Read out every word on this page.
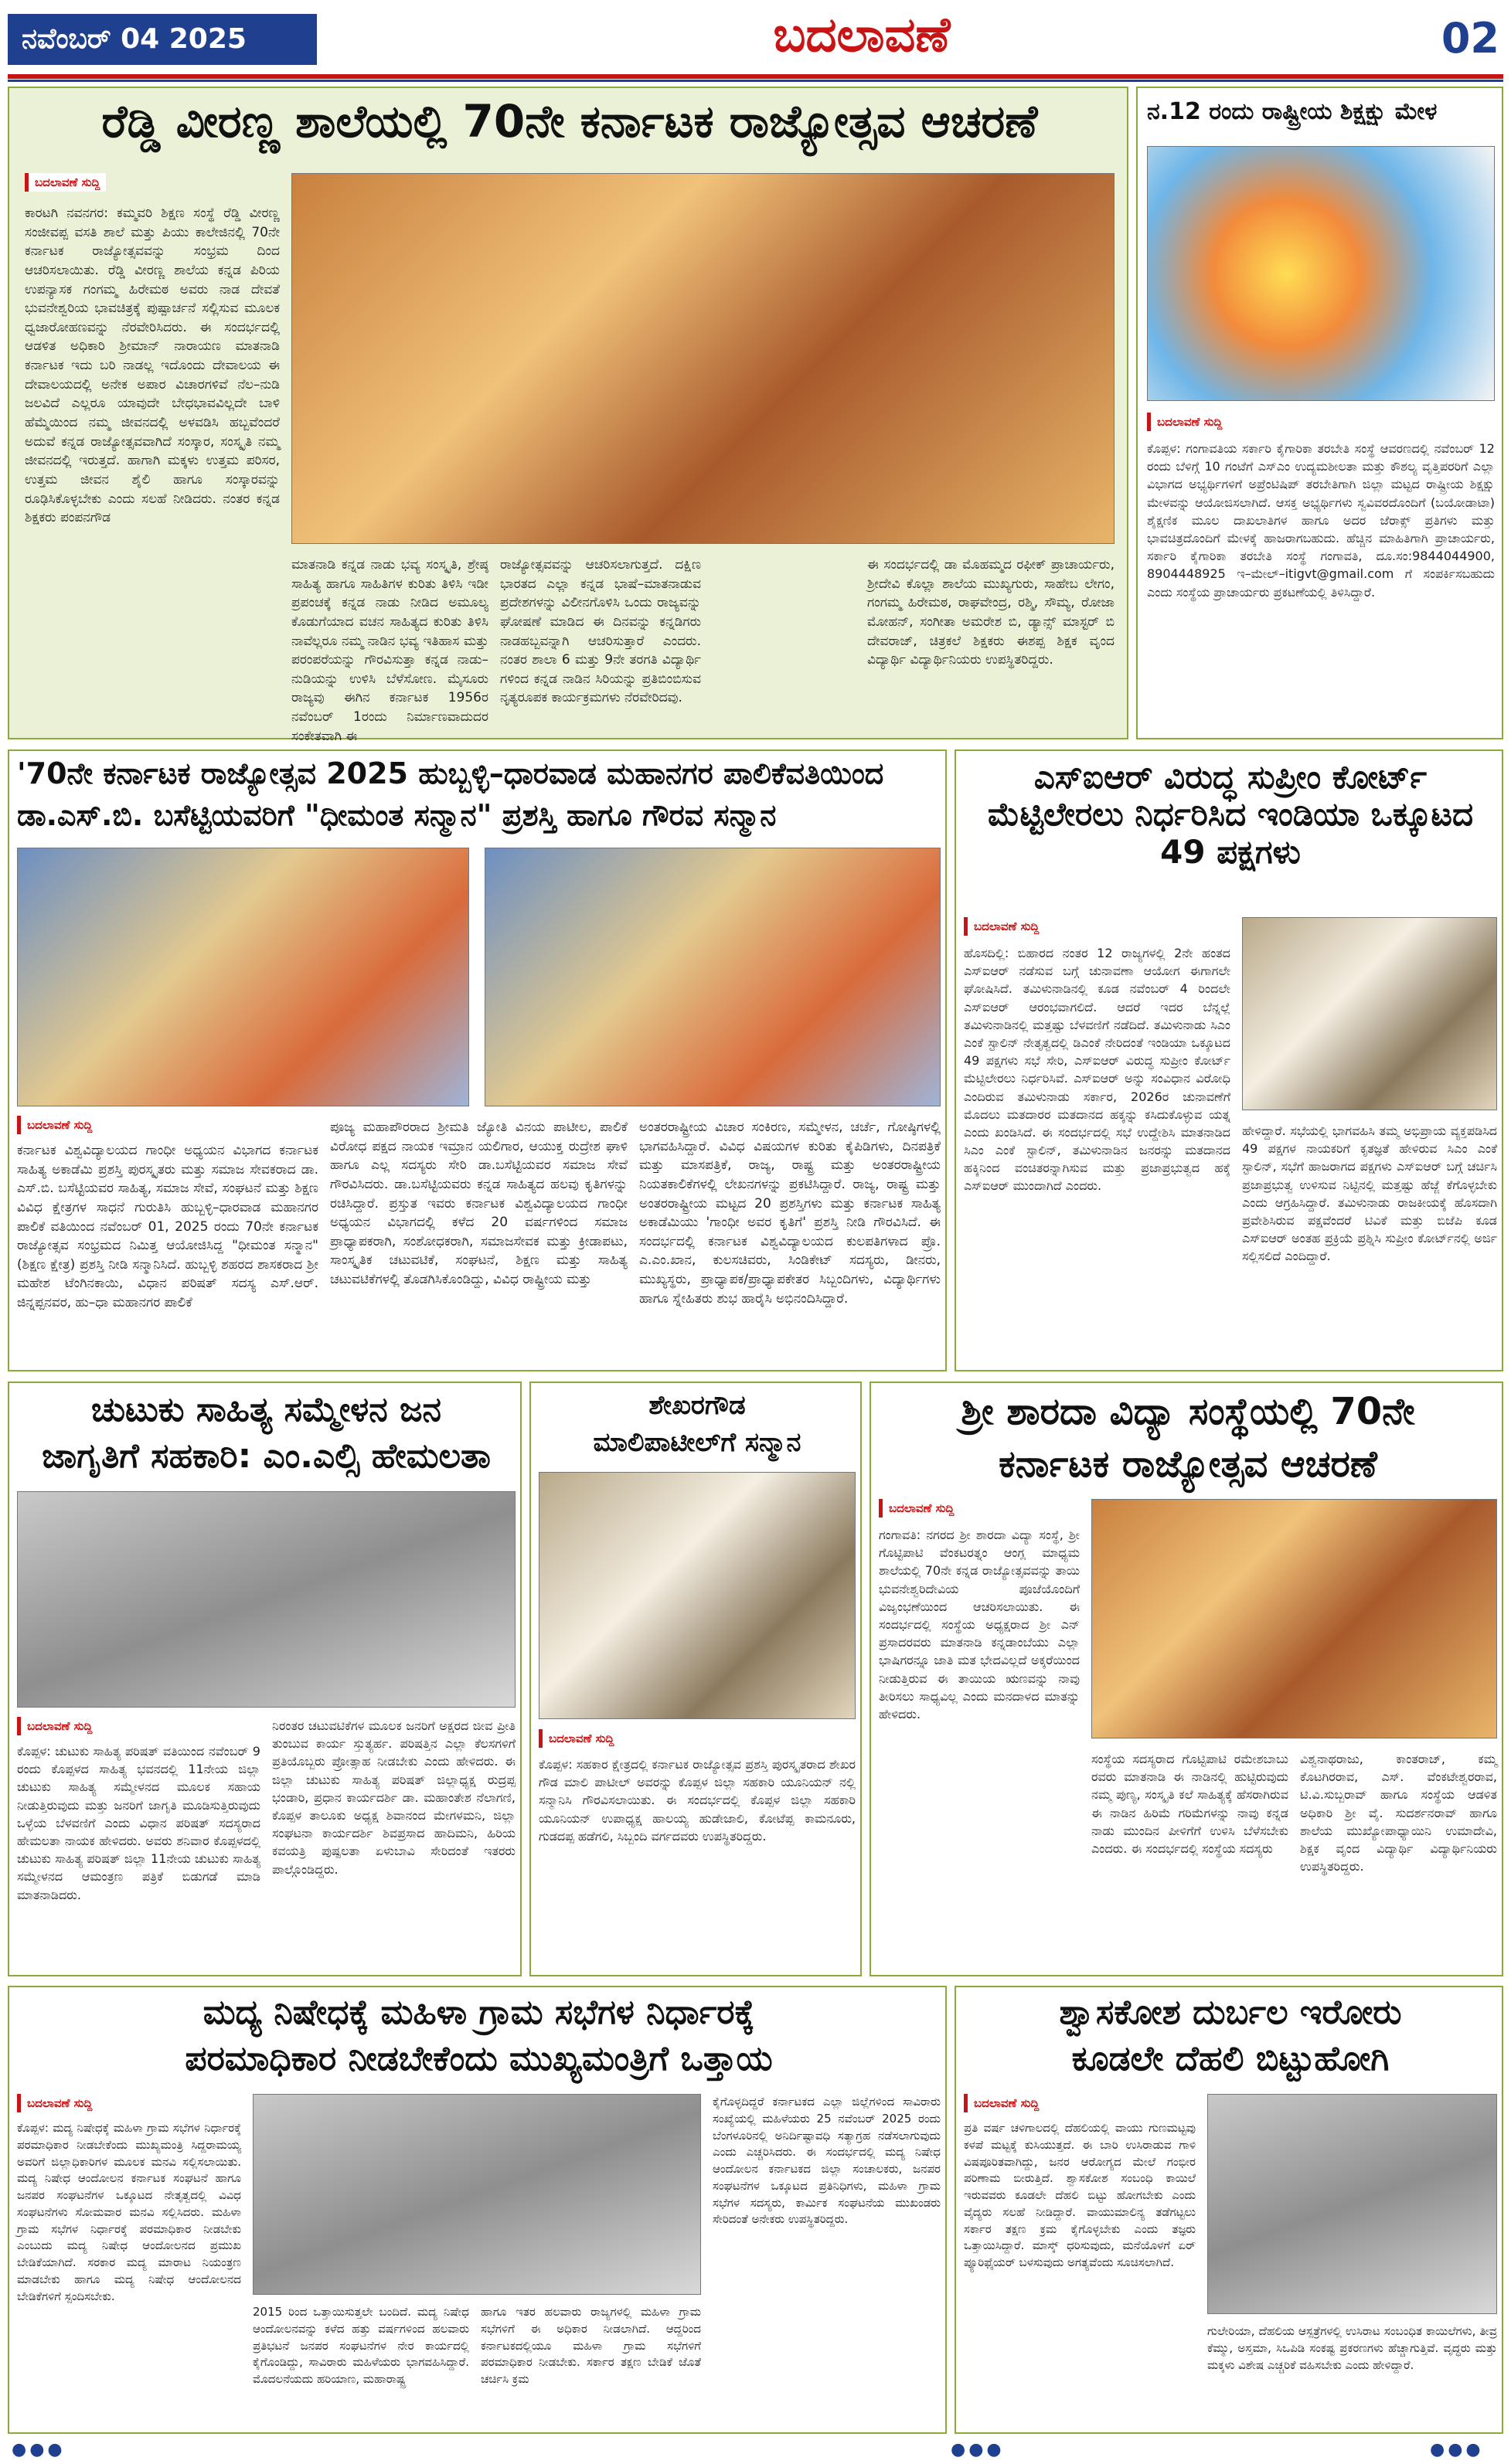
ನವೆಂಬರ್ 04 2025	ಬದಲಾವಣೆ	02
ರೆಡ್ಡಿ ವೀರಣ್ಣ ಶಾಲೆಯಲ್ಲಿ 70ನೇ ಕರ್ನಾಟಕ ರಾಜ್ಯೋತ್ಸವ ಆಚರಣೆ
ಬದಲಾವಣೆ ಸುದ್ದಿ
ಕಾರಟಗಿ ನವನಗರ: ಕಮ್ಮವರಿ ಶಿಕ್ಷಣ ಸಂಸ್ಥೆ ರೆಡ್ಡಿ ವೀರಣ್ಣ ಸಂಜೀವಪ್ಪ ವಸತಿ ಶಾಲೆ ಮತ್ತು ಪಿಯು ಕಾಲೇಜಿನಲ್ಲಿ 70ನೇ ಕರ್ನಾಟಕ ರಾಜ್ಯೋತ್ಸವವನ್ನು ಸಂಭ್ರಮ ದಿಂದ ಆಚರಿಸಲಾಯಿತು. ರೆಡ್ಡಿ ವೀರಣ್ಣ ಶಾಲೆಯ ಕನ್ನಡ ಪಿರಿಯ ಉಪನ್ಯಾಸಕ ಗಂಗಮ್ಮ ಹಿರೇಮಠ ಅವರು ನಾಡ ದೇವತೆ ಭುವನೇಶ್ವರಿಯ ಭಾವಚಿತ್ರಕ್ಕೆ ಪುಷ್ಪಾರ್ಚನೆ ಸಲ್ಲಿಸುವ ಮೂಲಕ ಧ್ವಜಾರೋಹಣವನ್ನು ನೆರವೇರಿಸಿದರು. ಈ ಸಂದರ್ಭದಲ್ಲಿ ಆಡಳಿತ ಅಧಿಕಾರಿ ಶ್ರೀಮಾನ್ ನಾರಾಯಣ ಮಾತನಾಡಿ ಕರ್ನಾಟಕ ಇದು ಬರಿ ನಾಡಲ್ಲ ಇದೊಂದು ದೇವಾಲಯ ಈ ದೇವಾಲಯದಲ್ಲಿ ಅನೇಕ ಅಪಾರ ವಿಚಾರಗಳಿವೆ ನೆಲ–ನುಡಿ ಜಲವಿದೆ ಎಲ್ಲರೂ ಯಾವುದೇ ಬೇಧಭಾವವಿಲ್ಲದೇ ಬಾಳಿ ಹೆಮ್ಮೆಯಿಂದ ನಮ್ಮ ಜೀವನದಲ್ಲಿ ಅಳವಡಿಸಿ ಹಬ್ಬವೆಂದರೆ ಅದುವೆ ಕನ್ನಡ ರಾಜ್ಯೋತ್ಸವವಾಗಿದೆ ಸಂಸ್ಕಾರ, ಸಂಸ್ಕೃತಿ ನಮ್ಮ ಜೀವನದಲ್ಲಿ ಇರುತ್ತದೆ. ಹಾಗಾಗಿ ಮಕ್ಕಳು ಉತ್ತಮ ಪರಿಸರ, ಉತ್ತಮ ಜೀವನ ಶೈಲಿ ಹಾಗೂ ಸಂಸ್ಕಾರವನ್ನು ರೂಢಿಸಿಕೊಳ್ಳಬೇಕು ಎಂದು ಸಲಹೆ ನೀಡಿದರು. ನಂತರ ಕನ್ನಡ ಶಿಕ್ಷಕರು ಪಂಪನಗೌಡ
ಮಾತನಾಡಿ ಕನ್ನಡ ನಾಡು ಭವ್ಯ ಸಂಸ್ಕೃತಿ, ಶ್ರೇಷ್ಠ ಸಾಹಿತ್ಯ ಹಾಗೂ ಸಾಹಿತಿಗಳ ಕುರಿತು ತಿಳಿಸಿ ಇಡೀ ಪ್ರಪಂಚಕ್ಕೆ ಕನ್ನಡ ನಾಡು ನೀಡಿದ ಅಮೂಲ್ಯ ಕೊಡುಗೆಯಾದ ವಚನ ಸಾಹಿತ್ಯದ ಕುರಿತು ತಿಳಿಸಿ ನಾವೆಲ್ಲರೂ ನಮ್ಮ ನಾಡಿನ ಭವ್ಯ ಇತಿಹಾಸ ಮತ್ತು ಪರಂಪರೆಯನ್ನು ಗೌರವಿಸುತ್ತಾ ಕನ್ನಡ ನಾಡು–ನುಡಿಯನ್ನು ಉಳಿಸಿ ಬೆಳೆಸೋಣ. ಮೈಸೂರು ರಾಜ್ಯವು ಈಗಿನ ಕರ್ನಾಟಕ 1956ರ ನವೆಂಬರ್ 1ರಂದು ನಿರ್ಮಾಣವಾದುದರ ಸಂಕೇತವಾಗಿ ಈ
ರಾಜ್ಯೋತ್ಸವವನ್ನು ಆಚರಿಸಲಾಗುತ್ತದೆ. ದಕ್ಷಿಣ ಭಾರತದ ಎಲ್ಲಾ ಕನ್ನಡ ಭಾಷೆ–ಮಾತನಾಡುವ ಪ್ರದೇಶಗಳನ್ನು ವಿಲೀನಗೊಳಿಸಿ ಒಂದು ರಾಜ್ಯವನ್ನು ಘೋಷಣೆ ಮಾಡಿದ ಈ ದಿನವನ್ನು ಕನ್ನಡಿಗರು ನಾಡಹಬ್ಬವನ್ನಾಗಿ ಆಚರಿಸುತ್ತಾರೆ ಎಂದರು. ನಂತರ ಶಾಲಾ 6 ಮತ್ತು 9ನೇ ತರಗತಿ ವಿದ್ಯಾರ್ಥಿ ಗಳಿಂದ ಕನ್ನಡ ನಾಡಿನ ಸಿರಿಯನ್ನು ಪ್ರತಿಬಿಂಬಿಸುವ ನೃತ್ಯರೂಪಕ ಕಾರ್ಯಕ್ರಮಗಳು ನೆರವೇರಿದವು.
ಈ ಸಂದರ್ಭದಲ್ಲಿ ಡಾ ಮೊಹಮ್ಮದ ರಫೀಕ್ ಪ್ರಾಚಾರ್ಯರು, ಶ್ರೀದೇವಿ ಕೊಲ್ಲಾ ಶಾಲೆಯ ಮುಖ್ಯಗುರು, ಸಾಹೇಬ ಲೇಗಂ, ಗಂಗಮ್ಮ ಹಿರೇಮಠ, ರಾಘವೇಂದ್ರ, ರಶ್ಮಿ, ಸೌಮ್ಯ, ರೋಜಾ ಮೋಹನ್, ಸಂಗೀತಾ ಅಮರೇಶ ಬಿ, ಡ್ಯಾನ್ಸ್ ಮಾಸ್ಟರ್ ಬಿ ದೇವರಾಜ್, ಚಿತ್ರಕಲೆ ಶಿಕ್ಷಕರು ಈಶಪ್ಪ ಶಿಕ್ಷಕ ವೃಂದ ವಿದ್ಯಾರ್ಥಿ ವಿದ್ಯಾರ್ಥಿನಿಯರು ಉಪಸ್ಥಿತರಿದ್ದರು.
ನ.12 ರಂದು ರಾಷ್ಟ್ರೀಯ ಶಿಕ್ಷಕ್ಷು ಮೇಳ
ಬದಲಾವಣೆ ಸುದ್ದಿ
ಕೊಪ್ಪಳ: ಗಂಗಾವತಿಯ ಸರ್ಕಾರಿ ಕೈಗಾರಿಕಾ ತರಬೇತಿ ಸಂಸ್ಥೆ ಆವರಣದಲ್ಲಿ ನವೆಂಬರ್ 12 ರಂದು ಬೆಳಿಗ್ಗೆ 10 ಗಂಟೆಗೆ ಎಸ್‌ಎಂ ಉದ್ಯಮಶೀಲತಾ ಮತ್ತು ಕೌಶಲ್ಯ ವೃತ್ತಿಪರರಿಗೆ ಎಲ್ಲಾ ವಿಭಾಗದ ಅಭ್ಯರ್ಥಿಗಳಿಗೆ ಅಪ್ರೆಂಟಿಷಿಪ್ ತರಬೇತಿಗಾಗಿ ಜಿಲ್ಲಾ ಮಟ್ಟದ ರಾಷ್ಟ್ರೀಯ ಶಿಕ್ಷಕ್ಷು ಮೇಳವನ್ನು ಆಯೋಜಿಸಲಾಗಿದೆ. ಆಸಕ್ತ ಅಭ್ಯರ್ಥಿಗಳು ಸ್ವವಿವರದೊಂದಿಗೆ (ಬಯೋಡಾಟಾ) ಶೈಕ್ಷಣಿಕ ಮೂಲ ದಾಖಲಾತಿಗಳ ಹಾಗೂ ಅದರ ಜೆರಾಕ್ಸ್ ಪ್ರತಿಗಳು ಮತ್ತು ಭಾವಚಿತ್ರದೊಂದಿಗೆ ಮೇಳಕ್ಕೆ ಹಾಜರಾಗಬಹುದು. ಹೆಚ್ಚಿನ ಮಾಹಿತಿಗಾಗಿ ಪ್ರಾಚಾರ್ಯರು, ಸರ್ಕಾರಿ ಕೈಗಾರಿಕಾ ತರಬೇತಿ ಸಂಸ್ಥೆ ಗಂಗಾವತಿ, ದೂ.ಸಂ:9844044900, 8904448925 ಇ–ಮೇಲ್–itigvt@gmail.com ಗೆ ಸಂಪರ್ಕಿಸಬಹುದು ಎಂದು ಸಂಸ್ಥೆಯ ಪ್ರಾಚಾರ್ಯರು ಪ್ರಕಟಣೆಯಲ್ಲಿ ತಿಳಿಸಿದ್ದಾರೆ.
'70ನೇ ಕರ್ನಾಟಕ ರಾಜ್ಯೋತ್ಸವ 2025 ಹುಬ್ಬಳ್ಳಿ–ಧಾರವಾಡ ಮಹಾನಗರ ಪಾಲಿಕೆವತಿಯಿಂದ
ಡಾ.ಎಸ್.ಬಿ. ಬಸೆಟ್ಟಿಯವರಿಗೆ "ಧೀಮಂತ ಸನ್ಮಾನ" ಪ್ರಶಸ್ತಿ ಹಾಗೂ ಗೌರವ ಸನ್ಮಾನ
ಬದಲಾವಣೆ ಸುದ್ದಿ
ಕರ್ನಾಟಕ ವಿಶ್ವವಿದ್ಯಾಲಯದ ಗಾಂಧೀ ಅಧ್ಯಯನ ವಿಭಾಗದ ಕರ್ನಾಟಕ ಸಾಹಿತ್ಯ ಅಕಾಡೆಮಿ ಪ್ರಶಸ್ತಿ ಪುರಸ್ಕೃತರು ಮತ್ತು ಸಮಾಜ ಸೇವಕರಾದ ಡಾ. ಎಸ್.ಬಿ. ಬಸೆಟ್ಟಿಯವರ ಸಾಹಿತ್ಯ, ಸಮಾಜ ಸೇವೆ, ಸಂಘಟನೆ ಮತ್ತು ಶಿಕ್ಷಣ ವಿವಿಧ ಕ್ಷೇತ್ರಗಳ ಸಾಧನೆ ಗುರುತಿಸಿ ಹುಬ್ಬಳ್ಳಿ–ಧಾರವಾಡ ಮಹಾನಗರ ಪಾಲಿಕೆ ವತಿಯಿಂದ ನವೆಂಬರ್ 01, 2025 ರಂದು 70ನೇ ಕರ್ನಾಟಕ ರಾಜ್ಯೋತ್ಸವ ಸಂಭ್ರಮದ ನಿಮಿತ್ತ ಆಯೋಜಿಸಿದ್ದ "ಧೀಮಂತ ಸನ್ಮಾನ"(ಶಿಕ್ಷಣ ಕ್ಷೇತ್ರ) ಪ್ರಶಸ್ತಿ ನೀಡಿ ಸನ್ಮಾನಿಸಿದೆ. ಹುಬ್ಬಳ್ಳಿ ಶಹರದ ಶಾಸಕರಾದ ಶ್ರೀ ಮಹೇಶ ಟೆಂಗಿನಕಾಯಿ, ವಿಧಾನ ಪರಿಷತ್ ಸದಸ್ಯ ಎಸ್.ಆರ್. ಜಿನ್ನಪ್ಪನವರ, ಹು–ಧಾ ಮಹಾನಗರ ಪಾಲಿಕೆ
ಪೂಜ್ಯ ಮಹಾಪೌರರಾದ ಶ್ರೀಮತಿ ಜ್ಯೋತಿ ವಿನಯ ಪಾಟೀಲ, ಪಾಲಿಕೆ ವಿರೋಧ ಪಕ್ಷದ ನಾಯಕ ಇಮ್ರಾನ ಯಲಿಗಾರ, ಆಯುಕ್ತ ರುದ್ರೇಶ ಘಾಳಿ ಹಾಗೂ ಎಲ್ಲ ಸದಸ್ಯರು ಸೇರಿ ಡಾ.ಬಸೆಟ್ಟಿಯವರ ಸಮಾಜ ಸೇವೆ ಗೌರವಿಸಿದರು. ಡಾ.ಬಸೆಟ್ಟಿಯವರು ಕನ್ನಡ ಸಾಹಿತ್ಯದ ಹಲವು ಕೃತಿಗಳನ್ನು ರಚಿಸಿದ್ದಾರೆ. ಪ್ರಸ್ತುತ ಇವರು ಕರ್ನಾಟಕ ವಿಶ್ವವಿದ್ಯಾಲಯದ ಗಾಂಧೀ ಅಧ್ಯಯನ ವಿಭಾಗದಲ್ಲಿ ಕಳೆದ 20 ವರ್ಷಗಳಿಂದ ಸಮಾಜ ಪ್ರಾಧ್ಯಾಪಕರಾಗಿ, ಸಂಶೋಧಕರಾಗಿ, ಸಮಾಜಸೇವಕ ಮತ್ತು ಕ್ರೀಡಾಪಟು, ಸಾಂಸ್ಕೃತಿಕ ಚಟುವಟಿಕೆ, ಸಂಘಟನೆ, ಶಿಕ್ಷಣ ಮತ್ತು ಸಾಹಿತ್ಯ ಚಟುವಟಿಕೆಗಳಲ್ಲಿ ತೊಡಗಿಸಿಕೊಂಡಿದ್ದು, ವಿವಿಧ ರಾಷ್ಟ್ರೀಯ ಮತ್ತು
ಅಂತರರಾಷ್ಟ್ರೀಯ ವಿಚಾರ ಸಂಕಿರಣ, ಸಮ್ಮೇಳನ, ಚರ್ಚೆ, ಗೋಷ್ಠಿಗಳಲ್ಲಿ ಭಾಗವಹಿಸಿದ್ದಾರೆ. ವಿವಿಧ ವಿಷಯಗಳ ಕುರಿತು ಕೈಪಿಡಿಗಳು, ದಿನಪತ್ರಿಕೆ ಮತ್ತು ಮಾಸಪತ್ರಿಕೆ, ರಾಜ್ಯ, ರಾಷ್ಟ್ರ ಮತ್ತು ಅಂತರರಾಷ್ಟ್ರೀಯ ನಿಯತಕಾಲಿಕೆಗಳಲ್ಲಿ ಲೇಖನಗಳನ್ನು ಪ್ರಕಟಿಸಿದ್ದಾರೆ. ರಾಜ್ಯ, ರಾಷ್ಟ್ರ ಮತ್ತು ಅಂತರರಾಷ್ಟ್ರೀಯ ಮಟ್ಟದ 20 ಪ್ರಶಸ್ತಿಗಳು ಮತ್ತು ಕರ್ನಾಟಕ ಸಾಹಿತ್ಯ ಅಕಾಡೆಮಿಯು 'ಗಾಂಧೀ ಅವರ ಕೃತಿಗೆ' ಪ್ರಶಸ್ತಿ ನೀಡಿ ಗೌರವಿಸಿದೆ. ಈ ಸಂದರ್ಭದಲ್ಲಿ ಕರ್ನಾಟಕ ವಿಶ್ವವಿದ್ಯಾಲಯದ ಕುಲಪತಿಗಳಾದ ಪ್ರೊ. ಎ.ಎಂ.ಖಾನ, ಕುಲಸಚಿವರು, ಸಿಂಡಿಕೇಟ್ ಸದಸ್ಯರು, ಡೀನರು, ಮುಖ್ಯಸ್ಥರು, ಪ್ರಾಧ್ಯಾಪಕ/ಪ್ರಾಧ್ಯಾಪಕೇತರ ಸಿಬ್ಬಂದಿಗಳು, ವಿದ್ಯಾರ್ಥಿಗಳು ಹಾಗೂ ಸ್ನೇಹಿತರು ಶುಭ ಹಾರೈಸಿ ಅಭಿನಂದಿಸಿದ್ದಾರೆ.
ಎಸ್‌ಐಆರ್ ವಿರುದ್ಧ ಸುಪ್ರೀಂ ಕೋರ್ಟ್ ಮೆಟ್ಟಿಲೇರಲು ನಿರ್ಧರಿಸಿದ ಇಂಡಿಯಾ ಒಕ್ಕೂಟದ 49 ಪಕ್ಷಗಳು
ಬದಲಾವಣೆ ಸುದ್ದಿ
ಹೊಸದಿಲ್ಲಿ: ಬಿಹಾರದ ನಂತರ 12 ರಾಜ್ಯಗಳಲ್ಲಿ 2ನೇ ಹಂತದ ಎಸ್‌ಐಆರ್ ನಡೆಸುವ ಬಗ್ಗೆ ಚುನಾವಣಾ ಆಯೋಗ ಈಗಾಗಲೇ ಘೋಷಿಸಿದೆ. ತಮಿಳುನಾಡಿನಲ್ಲಿ ಕೂಡ ನವೆಂಬರ್ 4 ರಿಂದಲೇ ಎಸ್‌ಐಆರ್ ಆರಂಭವಾಗಲಿದೆ. ಆದರೆ ಇದರ ಬೆನ್ನಲ್ಲೆ ತಮಿಳುನಾಡಿನಲ್ಲಿ ಮತ್ತಷ್ಟು ಬೆಳವಣಿಗೆ ನಡೆದಿದೆ. ತಮಿಳುನಾಡು ಸಿಎಂ ಎಂಕೆ ಸ್ಟಾಲಿನ್ ನೇತೃತ್ವದಲ್ಲಿ ಡಿಎಂಕೆ ನೇರಿದಂತೆ ಇಂಡಿಯಾ ಒಕ್ಕೂಟದ 49 ಪಕ್ಷಗಳು ಸಭೆ ಸೇರಿ, ಎಸ್‌ಐಆರ್ ವಿರುದ್ಧ ಸುಪ್ರೀಂ ಕೋರ್ಟ್ ಮೆಟ್ಟಿಲೇರಲು ನಿರ್ಧರಿಸಿವೆ. ಎಸ್‌ಐಆರ್ ಅನ್ನು ಸಂವಿಧಾನ ವಿರೋಧಿ ಎಂದಿರುವ ತಮಿಳುನಾಡು ಸರ್ಕಾರ, 2026ರ ಚುನಾವಣೆಗೆ ಮೊದಲು ಮತದಾರರ ಮತದಾನದ ಹಕ್ಕನ್ನು ಕಸಿದುಕೊಳ್ಳುವ ಯತ್ನ ಎಂದು ಖಂಡಿಸಿದೆ. ಈ ಸಂದರ್ಭದಲ್ಲಿ ಸಭೆ ಉದ್ದೇಶಿಸಿ ಮಾತನಾಡಿದ ಸಿಎಂ ಎಂಕೆ ಸ್ಟಾಲಿನ್, ತಮಿಳುನಾಡಿನ ಜನರನ್ನು ಮತದಾನದ ಹಕ್ಕಿನಿಂದ ವಂಚಿತರನ್ನಾಗಿಸುವ ಮತ್ತು ಪ್ರಜಾಪ್ರಭುತ್ವದ ಹಕ್ಕೆ ಎಸ್‌ಐಆರ್ ಮುಂದಾಗಿದೆ ಎಂದರು.
ಹೇಳಿದ್ದಾರೆ. ಸಭೆಯಲ್ಲಿ ಭಾಗವಹಿಸಿ ತಮ್ಮ ಅಭಿಪ್ರಾಯ ವ್ಯಕ್ತಪಡಿಸಿದ 49 ಪಕ್ಷಗಳ ನಾಯಕರಿಗೆ ಕೃತಜ್ಞತೆ ಹೇಳಿರುವ ಸಿಎಂ ಎಂಕೆ ಸ್ಟಾಲಿನ್, ಸಭೆಗೆ ಹಾಜರಾಗದ ಪಕ್ಷಗಳು ಎಸ್‌ಐಆರ್ ಬಗ್ಗೆ ಚರ್ಚಿಸಿ ಪ್ರಜಾಪ್ರಭುತ್ವ ಉಳಿಸುವ ನಿಟ್ಟಿನಲ್ಲಿ ಮತ್ತಷ್ಟು ಹೆಜ್ಜೆ ಕೆಗೊಳ್ಳಬೇಕು ಎಂದು ಆಗ್ರಹಿಸಿದ್ದಾರೆ. ತಮಿಳುನಾಡು ರಾಜಕೀಯಕ್ಕೆ ಹೊಸದಾಗಿ ಪ್ರವೇಶಿಸಿರುವ ಪಕ್ಷವೆಂದರೆ ಟಿವಿಕೆ ಮತ್ತು ಬಿಜೆಪಿ ಕೂಡ ಎಸ್‌ಐಆರ್ ಅಂತಹ ಪ್ರಕ್ರಿಯೆ ಪ್ರಶ್ನಿಸಿ ಸುಪ್ರೀಂ ಕೋರ್ಟ್‌ನಲ್ಲಿ ಅರ್ಜಿ ಸಲ್ಲಿಸಲಿದೆ ಎಂದಿದ್ದಾರೆ.
ಚುಟುಕು ಸಾಹಿತ್ಯ ಸಮ್ಮೇಳನ ಜನ
ಜಾಗೃತಿಗೆ ಸಹಕಾರಿ: ಎಂ.ಎಲ್ಸಿ ಹೇಮಲತಾ
ಬದಲಾವಣೆ ಸುದ್ದಿ
ಕೊಪ್ಪಳ: ಚುಟುಕು ಸಾಹಿತ್ಯ ಪರಿಷತ್ ವತಿಯಿಂದ ನವೆಂಬರ್ 9 ರಂದು ಕೊಪ್ಪಳದ ಸಾಹಿತ್ಯ ಭವನದಲ್ಲಿ 11ನೇಯ ಜಿಲ್ಲಾ ಚುಟುಕು ಸಾಹಿತ್ಯ ಸಮ್ಮೇಳನದ ಮೂಲಕ ಸಹಾಯ ನೀಡುತ್ತಿರುವುದು ಮತ್ತು ಜನರಿಗೆ ಜಾಗೃತಿ ಮೂಡಿಸುತ್ತಿರುವುದು ಒಳ್ಳೆಯ ಬೆಳವಣಿಗೆ ಎಂದು ವಿಧಾನ ಪರಿಷತ್ ಸದಸ್ಯರಾದ ಹೇಮಲತಾ ನಾಯಕ ಹೇಳಿದರು. ಅವರು ಶನಿವಾರ ಕೊಪ್ಪಳದಲ್ಲಿ ಚುಟುಕು ಸಾಹಿತ್ಯ ಪರಿಷತ್ ಜಿಲ್ಲಾ 11ನೇಯ ಚುಟುಕು ಸಾಹಿತ್ಯ ಸಮ್ಮೇಳನದ ಆಮಂತ್ರಣ ಪತ್ರಿಕೆ ಬಿಡುಗಡೆ ಮಾಡಿ ಮಾತನಾಡಿದರು.
ನಿರಂತರ ಚಟುವಟಿಕೆಗಳ ಮೂಲಕ ಜನರಿಗೆ ಅಕ್ಷರದ ಜೀವ ಪ್ರೀತಿ ತುಂಬುವ ಕಾರ್ಯ ಸ್ತುತ್ಯರ್ಹ. ಪರಿಷತ್ತಿನ ಎಲ್ಲಾ ಕೆಲಸಗಳಿಗೆ ಪ್ರತಿಯೊಬ್ಬರು ಪ್ರೋತ್ಸಾಹ ನೀಡಬೇಕು ಎಂದು ಹೇಳಿದರು. ಈ ಜಿಲ್ಲಾ ಚುಟುಕು ಸಾಹಿತ್ಯ ಪರಿಷತ್ ಜಿಲ್ಲಾಧ್ಯಕ್ಷ ರುದ್ರಪ್ಪ ಭಂಡಾರಿ, ಪ್ರಧಾನ ಕಾರ್ಯದರ್ಶಿ ಡಾ. ಮಹಾಂತೇಶ ನೆಲಾಗಣಿ, ಕೊಪ್ಪಳ ತಾಲೂಕು ಅಧ್ಯಕ್ಷ ಶಿವಾನಂದ ಮೇಗಳಮನಿ, ಜಿಲ್ಲಾ ಸಂಘಟನಾ ಕಾರ್ಯದರ್ಶಿ ಶಿವಪ್ರಸಾದ ಹಾದಿಮನಿ, ಹಿರಿಯ ಕವಯತ್ರಿ ಪುಷ್ಪಲತಾ ಏಳುಬಾವಿ ಸೇರಿದಂತೆ ಇತರರು ಪಾಲ್ಗೊಂಡಿದ್ದರು.
ಶೇಖರಗೌಡ
ಮಾಲಿಪಾಟೀಲ್‌ಗೆ ಸನ್ಮಾನ
ಬದಲಾವಣೆ ಸುದ್ದಿ
ಕೊಪ್ಪಳ: ಸಹಕಾರ ಕ್ಷೇತ್ರದಲ್ಲಿ ಕರ್ನಾಟಕ ರಾಜ್ಯೋತ್ಸವ ಪ್ರಶಸ್ತಿ ಪುರಸ್ಕೃತರಾದ ಶೇಖರ ಗೌಡ ಮಾಲಿ ಪಾಟೀಲ್ ಅವರನ್ನು ಕೊಪ್ಪಳ ಜಿಲ್ಲಾ ಸಹಕಾರಿ ಯೂನಿಯನ್ ನಲ್ಲಿ ಸನ್ಮಾನಿಸಿ ಗೌರವಿಸಲಾಯಿತು. ಈ ಸಂದರ್ಭದಲ್ಲಿ ಕೊಪ್ಪಳ ಜಿಲ್ಲಾ ಸಹಕಾರಿ ಯೂನಿಯನ್ ಉಪಾಧ್ಯಕ್ಷ ಹಾಲಯ್ಯ ಹುಡೇಜಾಲಿ, ಕೋಟೆಪ್ಪ ಕಾಮನೂರು, ಗುಡದಪ್ಪ ಹಡೆಗಲಿ, ಸಿಬ್ಬಂದಿ ವರ್ಗದವರು ಉಪಸ್ಥಿತರಿದ್ದರು.
ಶ್ರೀ ಶಾರದಾ ವಿದ್ಯಾ ಸಂಸ್ಥೆಯಲ್ಲಿ 70ನೇ
ಕರ್ನಾಟಕ ರಾಜ್ಯೋತ್ಸವ ಆಚರಣೆ
ಬದಲಾವಣೆ ಸುದ್ದಿ
ಗಂಗಾವತಿ: ನಗರದ ಶ್ರೀ ಶಾರದಾ ವಿದ್ಯಾ ಸಂಸ್ಥೆ, ಶ್ರೀ ಗೊಟ್ಟಿಪಾಟಿ ವೆಂಕಟರತ್ನಂ ಆಂಗ್ಲ ಮಾಧ್ಯಮ ಶಾಲೆಯಲ್ಲಿ 70ನೇ ಕನ್ನಡ ರಾಜ್ಯೋತ್ಸವವನ್ನು ತಾಯಿ ಭುವನೇಶ್ವರಿದೇವಿಯ ಪೂಜೆಯೊಂದಿಗೆ ವಿಜೃಂಭಣೆಯಿಂದ ಆಚರಿಸಲಾಯಿತು. ಈ ಸಂದರ್ಭದಲ್ಲಿ ಸಂಸ್ಥೆಯ ಅಧ್ಯಕ್ಷರಾದ ಶ್ರೀ ಎನ್ ಪ್ರಸಾದರವರು ಮಾತನಾಡಿ ಕನ್ನಡಾಂಬೆಯು ಎಲ್ಲಾ ಭಾಷಿಗರನ್ನೂ ಜಾತಿ ಮತ ಭೇದವಿಲ್ಲದೆ ಅಕ್ಕರೆಯಿಂದ ನೀಡುತ್ತಿರುವ ಈ ತಾಯಿಯ ಋಣವನ್ನು ನಾವು ತೀರಿಸಲು ಸಾಧ್ಯವಿಲ್ಲ ಎಂದು ಮನದಾಳದ ಮಾತನ್ನು ಹೇಳಿದರು.
ಸಂಸ್ಥೆಯ ಸದಸ್ಯರಾದ ಗೊಟ್ಟಿಪಾಟಿ ರಮೇಶಬಾಬು ರವರು ಮಾತನಾಡಿ ಈ ನಾಡಿನಲ್ಲಿ ಹುಟ್ಟಿರುವುದು ನಮ್ಮ ಪುಣ್ಯ, ಸಂಸ್ಕೃತಿ ಕಲೆ ಸಾಹಿತ್ಯಕ್ಕೆ ಹೆಸರಾಗಿರುವ ಈ ನಾಡಿನ ಹಿರಿಮೆ ಗರಿಮೆಗಳನ್ನು ನಾವು ಕನ್ನಡ ನಾಡು ಮುಂದಿನ ಪೀಳಿಗೆಗೆ ಉಳಿಸಿ ಬೆಳೆಸಬೇಕು ಎಂದರು. ಈ ಸಂದರ್ಭದಲ್ಲಿ ಸಂಸ್ಥೆಯ ಸದಸ್ಯರು
ವಿಶ್ವನಾಥರಾಜು, ಕಾಂತರಾಜ್, ಕಮ್ಮ ಕೊಟಗಿರರಾವ, ಎಸ್. ವೆಂಕಟೇಶ್ವರರಾವ, ಟಿ.ವಿ.ಸುಬ್ಬರಾವ್ ಹಾಗೂ ಸಂಸ್ಥೆಯ ಆಡಳಿತ ಅಧಿಕಾರಿ ಶ್ರೀ ವೈ. ಸುದರ್ಶನರಾವ್ ಹಾಗೂ ಶಾಲೆಯ ಮುಖ್ಯೋಪಾಧ್ಯಾಯಿನಿ ಉಮಾದೇವಿ, ಶಿಕ್ಷಕ ವೃಂದ ವಿದ್ಯಾರ್ಥಿ ವಿದ್ಯಾರ್ಥಿನಿಯರು ಉಪಸ್ಥಿತರಿದ್ದರು.
ಮದ್ಯ ನಿಷೇಧಕ್ಕೆ ಮಹಿಳಾ ಗ್ರಾಮ ಸಭೆಗಳ ನಿರ್ಧಾರಕ್ಕೆ
ಪರಮಾಧಿಕಾರ ನೀಡಬೇಕೆಂದು ಮುಖ್ಯಮಂತ್ರಿಗೆ ಒತ್ತಾಯ
ಬದಲಾವಣೆ ಸುದ್ದಿ
ಕೊಪ್ಪಳ: ಮದ್ಯ ನಿಷೇಧಕ್ಕೆ ಮಹಿಳಾ ಗ್ರಾಮ ಸಭೆಗಳ ನಿರ್ಧಾರಕ್ಕೆ ಪರಮಾಧಿಕಾರ ನೀಡಬೇಕೆಂದು ಮುಖ್ಯಮಂತ್ರಿ ಸಿದ್ದರಾಮಯ್ಯ ಅವರಿಗೆ ಜಿಲ್ಲಾಧಿಕಾರಿಗಳ ಮೂಲಕ ಮನವಿ ಸಲ್ಲಿಸಲಾಯಿತು. ಮದ್ಯ ನಿಷೇಧ ಆಂದೋಲನ ಕರ್ನಾಟಕ ಸಂಘಟನೆ ಹಾಗೂ ಜನಪರ ಸಂಘಟನೆಗಳ ಒಕ್ಕೂಟದ ನೇತೃತ್ವದಲ್ಲಿ ವಿವಿಧ ಸಂಘಟನೆಗಳು ಸೋಮವಾರ ಮನವಿ ಸಲ್ಲಿಸಿದರು. ಮಹಿಳಾ ಗ್ರಾಮ ಸಭೆಗಳ ನಿರ್ಧಾರಕ್ಕೆ ಪರಮಾಧಿಕಾರ ನೀಡಬೇಕು ಎಂಬುದು ಮದ್ಯ ನಿಷೇಧ ಆಂದೋಲನದ ಪ್ರಮುಖ ಬೇಡಿಕೆಯಾಗಿದೆ. ಸರಕಾರ ಮದ್ಯ ಮಾರಾಟ ನಿಯಂತ್ರಣ ಮಾಡಬೇಕು ಹಾಗೂ ಮದ್ಯ ನಿಷೇಧ ಆಂದೋಲನದ ಬೇಡಿಕೆಗಳಿಗೆ ಸ್ಪಂದಿಸಬೇಕು.
2015 ರಿಂದ ಒತ್ತಾಯಿಸುತ್ತಲೇ ಬಂದಿದೆ. ಮದ್ಯ ನಿಷೇಧ ಆಂದೋಲನವನ್ನು ಕಳೆದ ಹತ್ತು ವರ್ಷಗಳಿಂದ ಹಲವಾರು ಪ್ರತಿಭಟನೆ ಜನಪರ ಸಂಘಟನೆಗಳ ನೇರ ಕಾರ್ಯದಲ್ಲಿ ಕೈಗೊಂಡಿದ್ದು, ಸಾವಿರಾರು ಮಹಿಳೆಯರು ಭಾಗವಹಿಸಿದ್ದಾರೆ. ಮೊದಲನೆಯದು ಹರಿಯಾಣ, ಮಹಾರಾಷ್ಟ್ರ
ಹಾಗೂ ಇತರ ಹಲವಾರು ರಾಜ್ಯಗಳಲ್ಲಿ ಮಹಿಳಾ ಗ್ರಾಮ ಸಭೆಗಳಿಗೆ ಈ ಅಧಿಕಾರ ನೀಡಲಾಗಿದೆ. ಆದ್ದರಿಂದ ಕರ್ನಾಟಕದಲ್ಲಿಯೂ ಮಹಿಳಾ ಗ್ರಾಮ ಸಭೆಗಳಿಗೆ ಪರಮಾಧಿಕಾರ ನೀಡಬೇಕು. ಸರ್ಕಾರ ತಕ್ಷಣ ಬೇಡಿಕೆ ಜೊತೆ ಚರ್ಚಿಸಿ ಕ್ರಮ
ಕೈಗೊಳ್ಳದಿದ್ದರೆ ಕರ್ನಾಟಕದ ಎಲ್ಲಾ ಜಿಲ್ಲೆಗಳಿಂದ ಸಾವಿರಾರು ಸಂಖ್ಯೆಯಲ್ಲಿ ಮಹಿಳೆಯರು 25 ನವೆಂಬರ್ 2025 ರಂದು ಬೆಂಗಳೂರಿನಲ್ಲಿ ಅನಿರ್ದಿಷ್ಟಾವಧಿ ಸತ್ಯಾಗ್ರಹ ನಡೆಸಲಾಗುವುದು ಎಂದು ಎಚ್ಚರಿಸಿದರು. ಈ ಸಂದರ್ಭದಲ್ಲಿ ಮದ್ಯ ನಿಷೇಧ ಆಂದೋಲನ ಕರ್ನಾಟಕದ ಜಿಲ್ಲಾ ಸಂಚಾಲಕರು, ಜನಪರ ಸಂಘಟನೆಗಳ ಒಕ್ಕೂಟದ ಪ್ರತಿನಿಧಿಗಳು, ಮಹಿಳಾ ಗ್ರಾಮ ಸಭೆಗಳ ಸದಸ್ಯರು, ಕಾರ್ಮಿಕ ಸಂಘಟನೆಯ ಮುಖಂಡರು ಸೇರಿದಂತೆ ಅನೇಕರು ಉಪಸ್ಥಿತರಿದ್ದರು.
ಶ್ವಾಸಕೋಶ ದುರ್ಬಲ ಇರೋರು
ಕೂಡಲೇ ದೆಹಲಿ ಬಿಟ್ಟುಹೋಗಿ
ಬದಲಾವಣೆ ಸುದ್ದಿ
ಪ್ರತಿ ವರ್ಷ ಚಳಿಗಾಲದಲ್ಲಿ ದೆಹಲಿಯಲ್ಲಿ ವಾಯು ಗುಣಮಟ್ಟವು ಕಳಪೆ ಮಟ್ಟಕ್ಕೆ ಕುಸಿಯುತ್ತದೆ. ಈ ಬಾರಿ ಉಸಿರಾಡುವ ಗಾಳಿ ವಿಷಪೂರಿತವಾಗಿದ್ದು, ಜನರ ಆರೋಗ್ಯದ ಮೇಲೆ ಗಂಭೀರ ಪರಿಣಾಮ ಬೀರುತ್ತಿದೆ. ಶ್ವಾಸಕೋಶ ಸಂಬಂಧಿ ಕಾಯಿಲೆ ಇರುವವರು ಕೂಡಲೇ ದೆಹಲಿ ಬಿಟ್ಟು ಹೋಗಬೇಕು ಎಂದು ವೈದ್ಯರು ಸಲಹೆ ನೀಡಿದ್ದಾರೆ. ವಾಯುಮಾಲಿನ್ಯ ತಡೆಗಟ್ಟಲು ಸರ್ಕಾರ ತಕ್ಷಣ ಕ್ರಮ ಕೈಗೊಳ್ಳಬೇಕು ಎಂದು ತಜ್ಞರು ಒತ್ತಾಯಿಸಿದ್ದಾರೆ. ಮಾಸ್ಕ್ ಧರಿಸುವುದು, ಮನೆಯೊಳಗೆ ಏರ್ ಪ್ಯೂರಿಫೈಯರ್ ಬಳಸುವುದು ಅಗತ್ಯವೆಂದು ಸೂಚಿಸಲಾಗಿದೆ.
ಗುಲೇರಿಯಾ, ದೆಹಲಿಯ ಆಸ್ಪತ್ರೆಗಳಲ್ಲಿ ಉಸಿರಾಟ ಸಂಬಂಧಿತ ಕಾಯಿಲೆಗಳು, ತೀವ್ರ ಕೆಮ್ಮು, ಅಸ್ತಮಾ, ಸಿಒಪಿಡಿ ಸಂಕಷ್ಟ ಪ್ರಕರಣಗಳು ಹೆಚ್ಚಾಗುತ್ತಿವೆ. ವೃದ್ಧರು ಮತ್ತು ಮಕ್ಕಳು ವಿಶೇಷ ಎಚ್ಚರಿಕೆ ವಹಿಸಬೇಕು ಎಂದು ಹೇಳಿದ್ದಾರೆ.
●●●	●●●	●●●
